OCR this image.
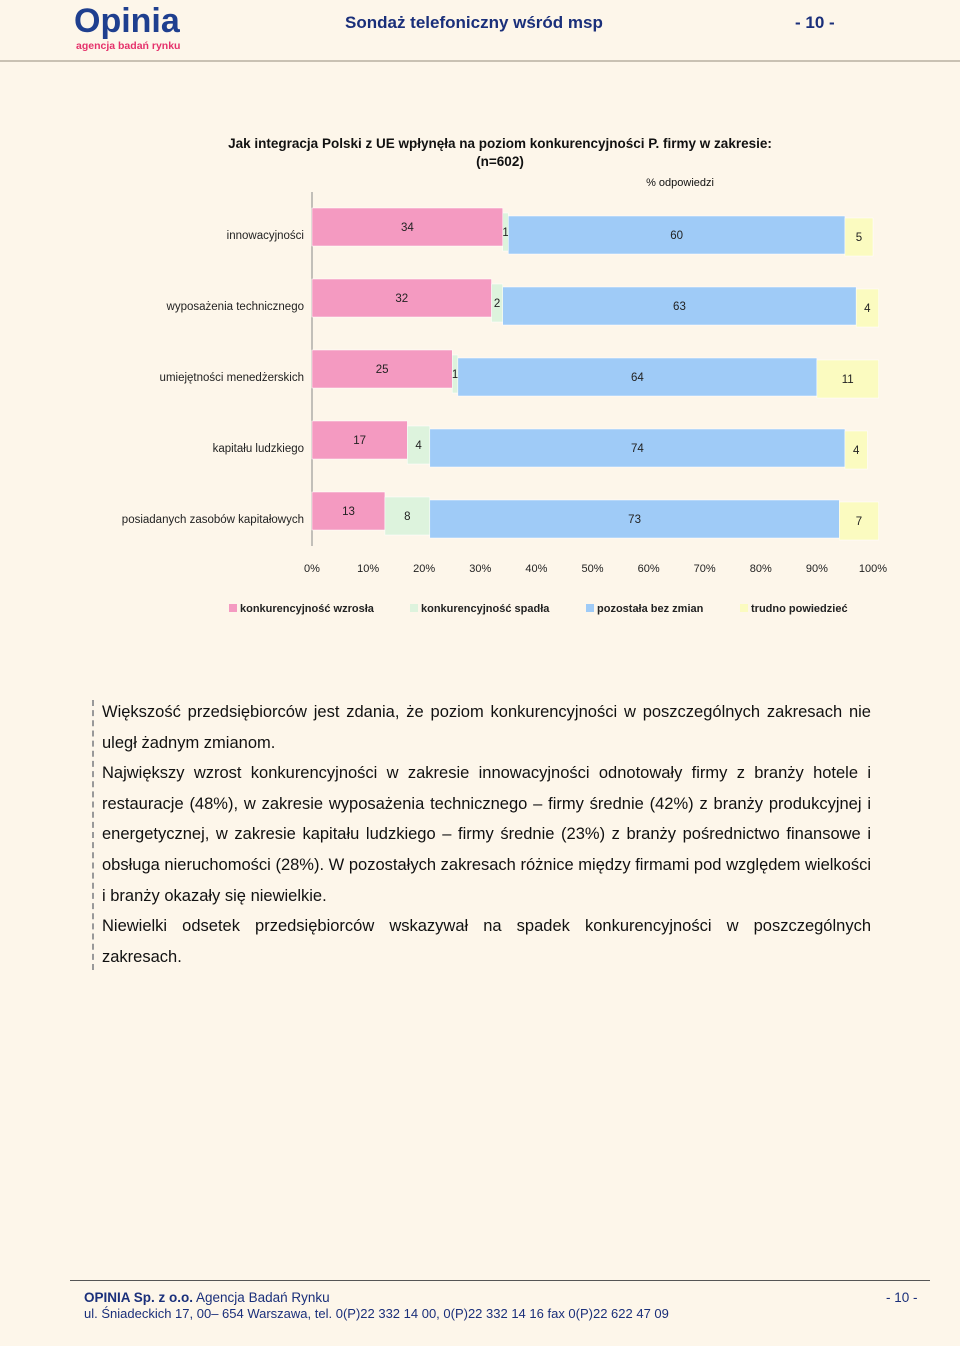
Opinia
agencja badań rynku
Sondaż telefoniczny wśród msp	- 10 -
Jak integracja Polski z UE wpłynęła na poziom konkurencyjności P. firmy w zakresie:
(n=602)
% odpowiedzi
innowacyjności
34	1	60	5
wyposażenia technicznego
32	2	63	4
umiejętności menedżerskich
25	1	64	11
kapitału ludzkiego
17	4	74	4
posiadanych zasobów kapitałowych
13	8	73	7
0%	10%	20%	30%	40%	50%	60%	70%	80%	90%	100%
konkurencyjność wzrosła	konkurencyjność spadła	pozostała bez zmian	trudno powiedzieć

Większość przedsiębiorców jest zdania, że poziom konkurencyjności w poszczególnych zakresach nie uległ żadnym zmianom.

Największy wzrost konkurencyjności w zakresie innowacyjności odnotowały firmy z branży hotele i restauracje (48%), w zakresie wyposażenia technicznego – firmy średnie (42%) z branży produkcyjnej i energetycznej, w zakresie kapitału ludzkiego – firmy średnie (23%) z branży pośrednictwo finansowe i obsługa nieruchomości (28%). W pozostałych zakresach różnice między firmami pod względem wielkości i branży okazały się niewielkie.

Niewielki odsetek przedsiębiorców wskazywał na spadek konkurencyjności w poszczególnych zakresach.

OPINIA Sp. z o.o. Agencja Badań Rynku
ul. Śniadeckich 17, 00– 654 Warszawa, tel. 0(P)22 332 14 00, 0(P)22 332 14 16 fax 0(P)22 622 47 09
- 10 -
